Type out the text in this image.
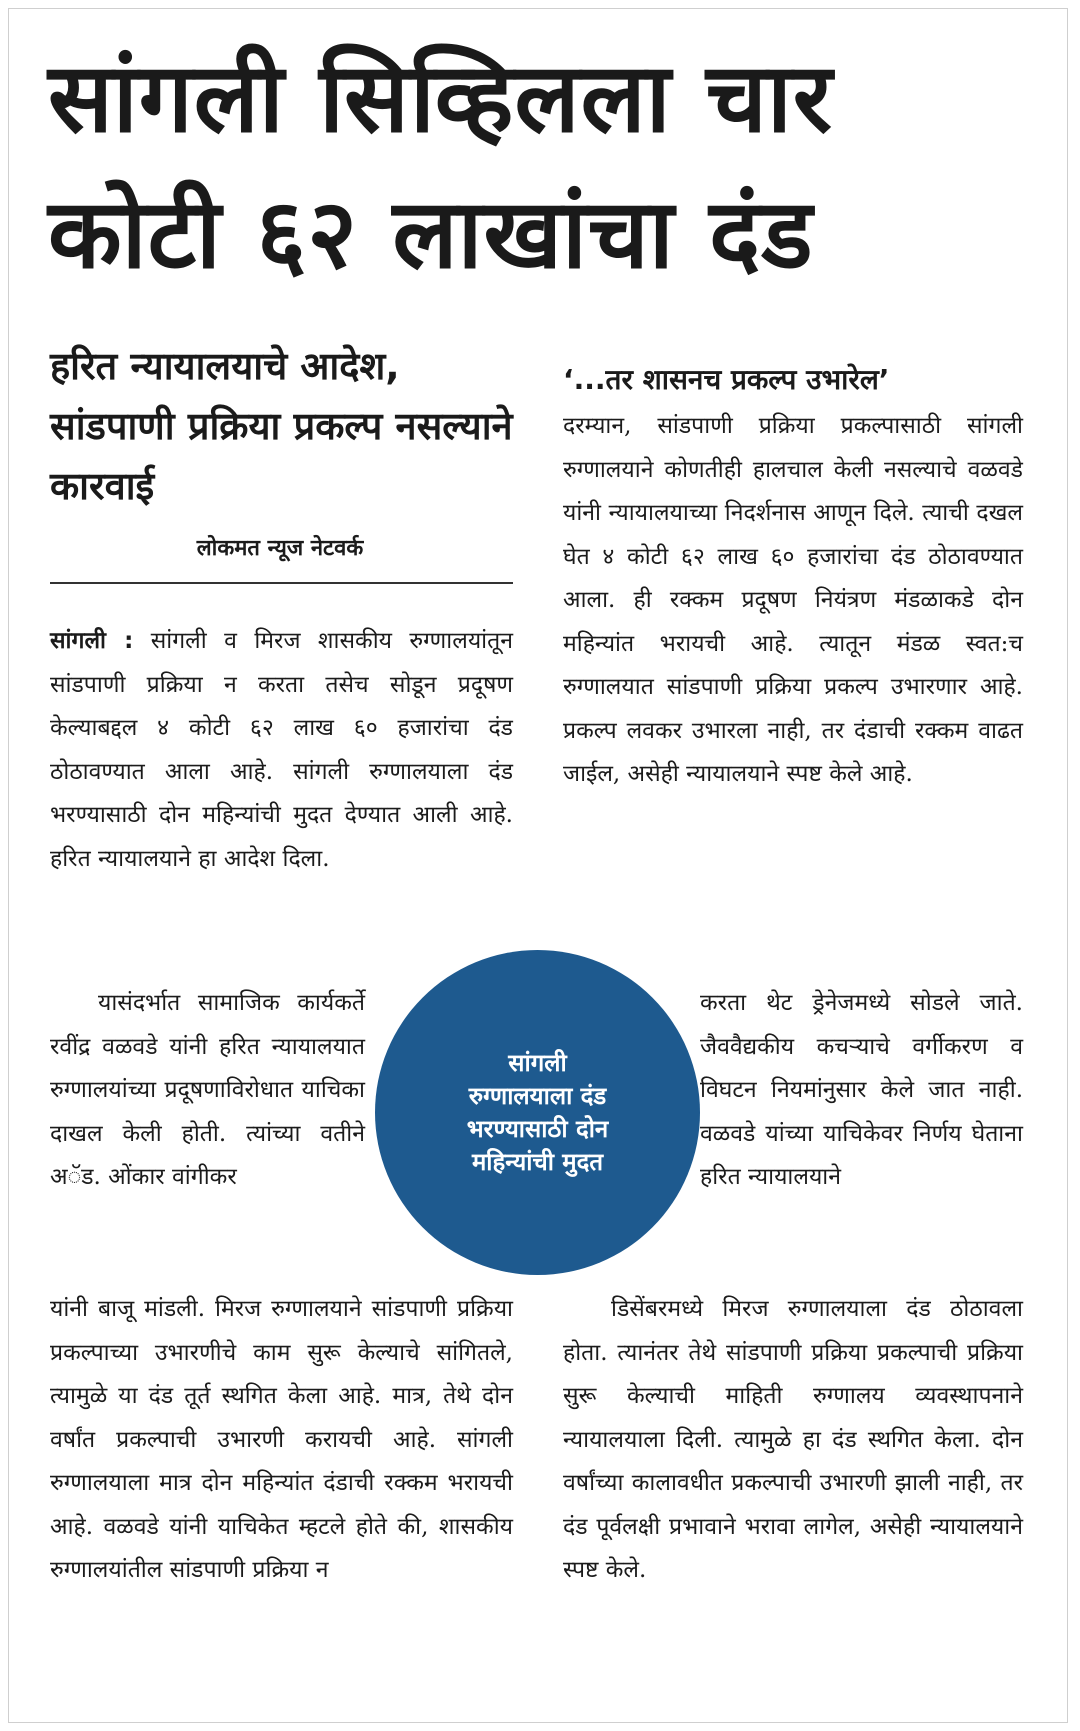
सांगली सिव्हिलला चार कोटी ६२ लाखांचा दंड
हरित न्यायालयाचे आदेश, सांडपाणी प्रक्रिया प्रकल्प नसल्याने कारवाई
लोकमत न्यूज नेटवर्क

सांगली : सांगली व मिरज शासकीय रुग्णालयांतून सांडपाणी प्रक्रिया न करता तसेच सोडून प्रदूषण केल्याबद्दल ४ कोटी ६२ लाख ६० हजारांचा दंड ठोठावण्यात आला आहे. सांगली रुग्णालयाला दंड भरण्यासाठी दोन महिन्यांची मुदत देण्यात आली आहे. हरित न्यायालयाने हा आदेश दिला.

यासंदर्भात सामाजिक कार्यकर्ते रवींद्र वळवडे यांनी हरित न्यायालयात रुग्णालयांच्या प्रदूषणाविरोधात याचिका दाखल केली होती. त्यांच्या वतीने अॅड. ओंकार वांगीकर

यांनी बाजू मांडली. मिरज रुग्णालयाने सांडपाणी प्रक्रिया प्रकल्पाच्या उभारणीचे काम सुरू केल्याचे सांगितले, त्यामुळे या दंड तूर्त स्थगित केला आहे. मात्र, तेथे दोन वर्षांत प्रकल्पाची उभारणी करायची आहे. सांगली रुग्णालयाला मात्र दोन महिन्यांत दंडाची रक्कम भरायची आहे. वळवडे यांनी याचिकेत म्हटले होते की, शासकीय रुग्णालयांतील सांडपाणी प्रक्रिया न

‘...तर शासनच प्रकल्प उभारेल’

दरम्यान, सांडपाणी प्रक्रिया प्रकल्पासाठी सांगली रुग्णालयाने कोणतीही हालचाल केली नसल्याचे वळवडे यांनी न्यायालयाच्या निदर्शनास आणून दिले. त्याची दखल घेत ४ कोटी ६२ लाख ६० हजारांचा दंड ठोठावण्यात आला. ही रक्कम प्रदूषण नियंत्रण मंडळाकडे दोन महिन्यांत भरायची आहे. त्यातून मंडळ स्वत:च रुग्णालयात सांडपाणी प्रक्रिया प्रकल्प उभारणार आहे. प्रकल्प लवकर उभारला नाही, तर दंडाची रक्कम वाढत जाईल, असेही न्यायालयाने स्पष्ट केले आहे.

करता थेट ड्रेनेजमध्ये सोडले जाते. जैववैद्यकीय कचऱ्याचे वर्गीकरण व विघटन नियमांनुसार केले जात नाही. वळवडे यांच्या याचिकेवर निर्णय घेताना हरित न्यायालयाने

डिसेंबरमध्ये मिरज रुग्णालयाला दंड ठोठावला होता. त्यानंतर तेथे सांडपाणी प्रक्रिया प्रकल्पाची प्रक्रिया सुरू केल्याची माहिती रुग्णालय व्यवस्थापनाने न्यायालयाला दिली. त्यामुळे हा दंड स्थगित केला. दोन वर्षांच्या कालावधीत प्रकल्पाची उभारणी झाली नाही, तर दंड पूर्वलक्षी प्रभावाने भरावा लागेल, असेही न्यायालयाने स्पष्ट केले.

सांगली रुग्णालयाला दंड भरण्यासाठी दोन महिन्यांची मुदत
